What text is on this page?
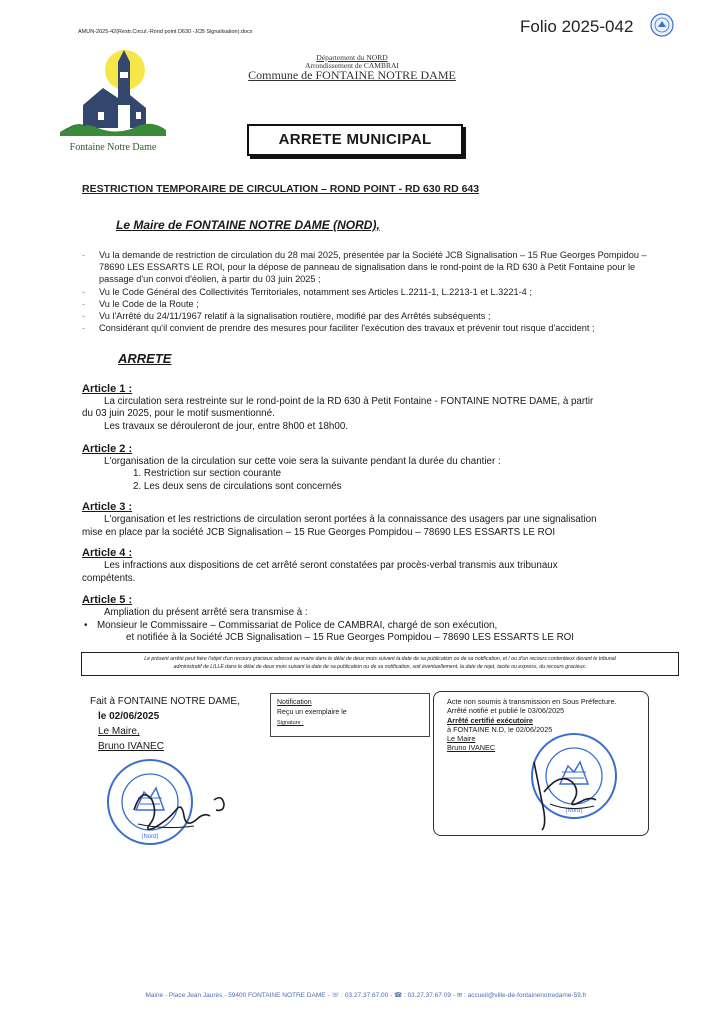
AMUN-2025-42(Restr.Circul.-Rond point D630 -JCB Signalisation).docx	Folio 2025-042
Département du NORD
Arrondissement de CAMBRAI
Commune de FONTAINE NOTRE DAME
Fontaine Notre Dame	ARRETE MUNICIPAL
RESTRICTION TEMPORAIRE DE CIRCULATION – ROND POINT - RD 630 RD 643
Le Maire de FONTAINE NOTRE DAME (NORD),
- Vu la demande de restriction de circulation du 28 mai 2025, présentée par la Société JCB Signalisation – 15 Rue Georges Pompidou –
78690 LES ESSARTS LE ROI, pour la dépose de panneau de signalisation dans le rond-point de la RD 630 à Petit Fontaine pour le
passage d'un convoi d'éolien, à partir du 03 juin 2025 ;
- Vu le Code Général des Collectivités Territoriales, notamment ses Articles L.2211-1, L.2213-1 et L.3221-4 ;
- Vu le Code de la Route ;
- Vu l'Arrêté du 24/11/1967 relatif à la signalisation routière, modifié par des Arrêtés subséquents ;
- Considérant qu'il convient de prendre des mesures pour faciliter l'exécution des travaux et prévenir tout risque d'accident ;
ARRETE
Article 1 :
La circulation sera restreinte sur le rond-point de la RD 630 à Petit Fontaine - FONTAINE NOTRE DAME, à partir
du 03 juin 2025, pour le motif susmentionné.
Les travaux se dérouleront de jour, entre 8h00 et 18h00.
Article 2 :
L'organisation de la circulation sur cette voie sera la suivante pendant la durée du chantier :
1. Restriction sur section courante
2. Les deux sens de circulations sont concernés
Article 3 :
L'organisation et les restrictions de circulation seront portées à la connaissance des usagers par une signalisation
mise en place par la société JCB Signalisation – 15 Rue Georges Pompidou – 78690 LES ESSARTS LE ROI
Article 4 :
Les infractions aux dispositions de cet arrêté seront constatées par procès-verbal transmis aux tribunaux
compétents.
Article 5 :
Ampliation du présent arrêté sera transmise à :
• Monsieur le Commissaire – Commissariat de Police de CAMBRAI, chargé de son exécution,
et notifiée à la Société JCB Signalisation – 15 Rue Georges Pompidou – 78690 LES ESSARTS LE ROI
Le présent arrêté peut faire l'objet d'un recours gracieux adressé au maire dans le délai de deux mois suivant la date de sa publication ou de sa notification, et / ou d'un recours contentieux devant le tribunal
administratif de LILLE dans le délai de deux mois suivant la date de sa publication ou de sa notification, soit éventuellement, la date de rejet, tacite ou express, du recours gracieux.
Fait à FONTAINE NOTRE DAME,
le 02/06/2025
Le Maire,
Bruno IVANEC
(Nord)
Notification
Reçu un exemplaire le
Signature :
Acte non soumis à transmission en Sous Préfecture.
Arrêté notifié et publié le 03/06/2025
Arrêté certifié exécutoire
à FONTAINE N.D, le 02/06/2025
Le Maire
Bruno IVANEC
(Nord)
Mairie - Place Jean Jaurès - 59400 FONTAINE NOTRE DAME - ☏ : 03.27.37.67.00 - ☎ : 03.27.37.67.09 - ✉ : accueil@ville-de-fontainenotredame-59.fr
